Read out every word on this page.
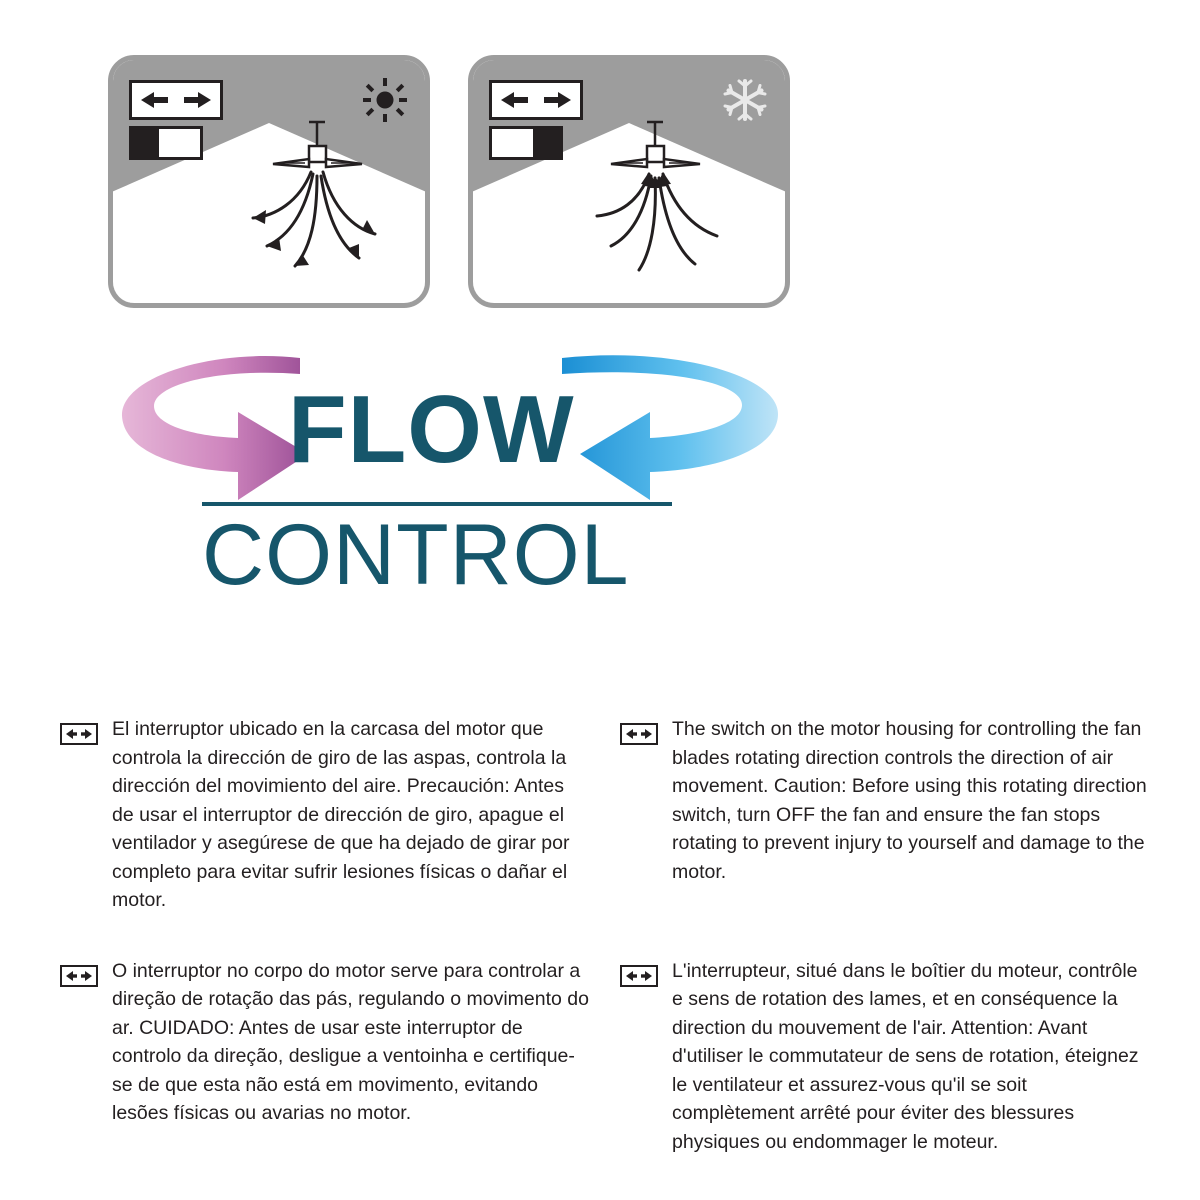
FLOW
CONTROL
El interruptor ubicado en la carcasa del motor que controla la dirección de giro de las aspas, controla la dirección del movimiento del aire. Precaución: Antes de usar el interruptor de dirección de giro, apague el ventilador y asegúrese de que ha dejado de girar por completo para evitar sufrir lesiones físicas o dañar el motor.
The switch on the motor housing for controlling the fan blades rotating direction controls the direction of air movement. Caution: Before using this rotating direction switch, turn OFF the fan and ensure the fan stops rotating to prevent injury to yourself and damage to the motor.
O interruptor no corpo do motor serve para controlar a direção de rotação das pás, regulando o movimento do ar. CUIDADO: Antes de usar este interruptor de controlo da direção, desligue a ventoinha e certifique-se de que esta não está em movimento, evitando lesões físicas ou avarias no motor.
L'interrupteur, situé dans le boîtier du moteur, contrôle e sens de rotation des lames, et en conséquence la direction du mouvement de l'air. Attention: Avant d'utiliser le commutateur de sens de rotation, éteignez le ventilateur et assurez-vous qu'il se soit complètement arrêté pour éviter des blessures physiques ou endommager le moteur.
